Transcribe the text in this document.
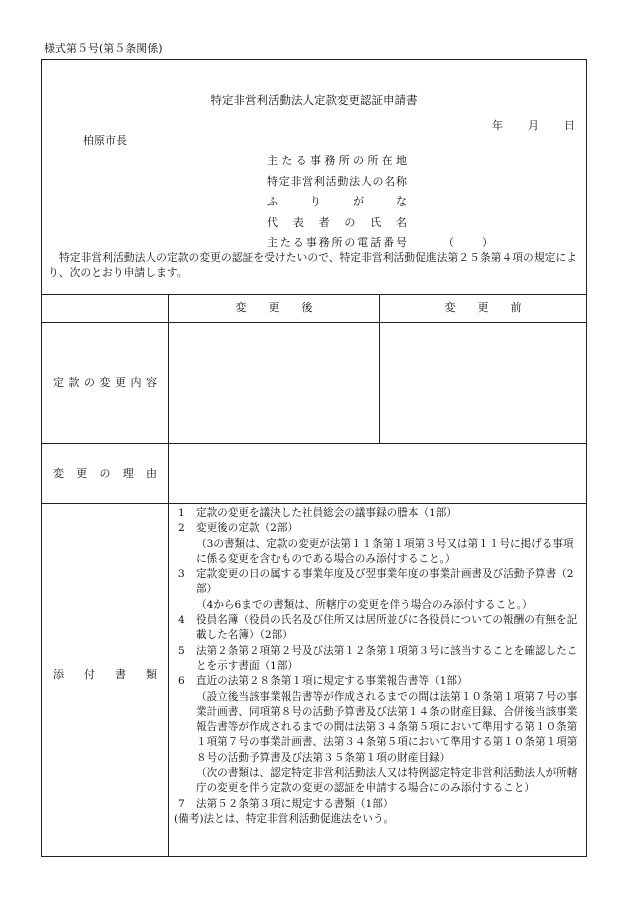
様式第５号(第５条関係)
特定非営利活動法人定款変更認証申請書
年 月 日
柏原市長
主たる事務所の所在地
特定非営利活動法人の名称
ふりがな
代表者の氏名
主たる事務所の電話番号	（	）
特定非営利活動法人の定款の変更の認証を受けたいので、特定非営利活動促進法第２５条第４項の規定により、次のとおり申請します。
変　　更　　後	変　　更　　前
定款の変更内容
変更の理由
添付書類
1 定款の変更を議決した社員総会の議事録の謄本（1部）
2 変更後の定款（2部）
（3の書類は、定款の変更が法第１１条第１項第３号又は第１１号に掲げる事項に係る変更を含むものである場合のみ添付すること。）
3 定款変更の日の属する事業年度及び翌事業年度の事業計画書及び活動予算書（2部）
（4から6までの書類は、所轄庁の変更を伴う場合のみ添付すること。）
4 役員名簿（役員の氏名及び住所又は居所並びに各役員についての報酬の有無を記載した名簿）（2部）
5 法第２条第２項第２号及び法第１２条第１項第３号に該当することを確認したことを示す書面（1部）
6 直近の法第２８条第１項に規定する事業報告書等（1部）
（設立後当該事業報告書等が作成されるまでの間は法第１０条第１項第７号の事業計画書、同項第８号の活動予算書及び法第１４条の財産目録、合併後当該事業報告書等が作成されるまでの間は法第３４条第５項において準用する第１０条第１項第７号の事業計画書、法第３４条第５項において準用する第１０条第１項第８号の活動予算書及び法第３５条第１項の財産目録）
（次の書類は、認定特定非営利活動法人又は特例認定特定非営利活動法人が所轄庁の変更を伴う定款の変更の認証を申請する場合にのみ添付すること）
7 法第５２条第３項に規定する書類（1部）
(備考)法とは、特定非営利活動促進法をいう。
